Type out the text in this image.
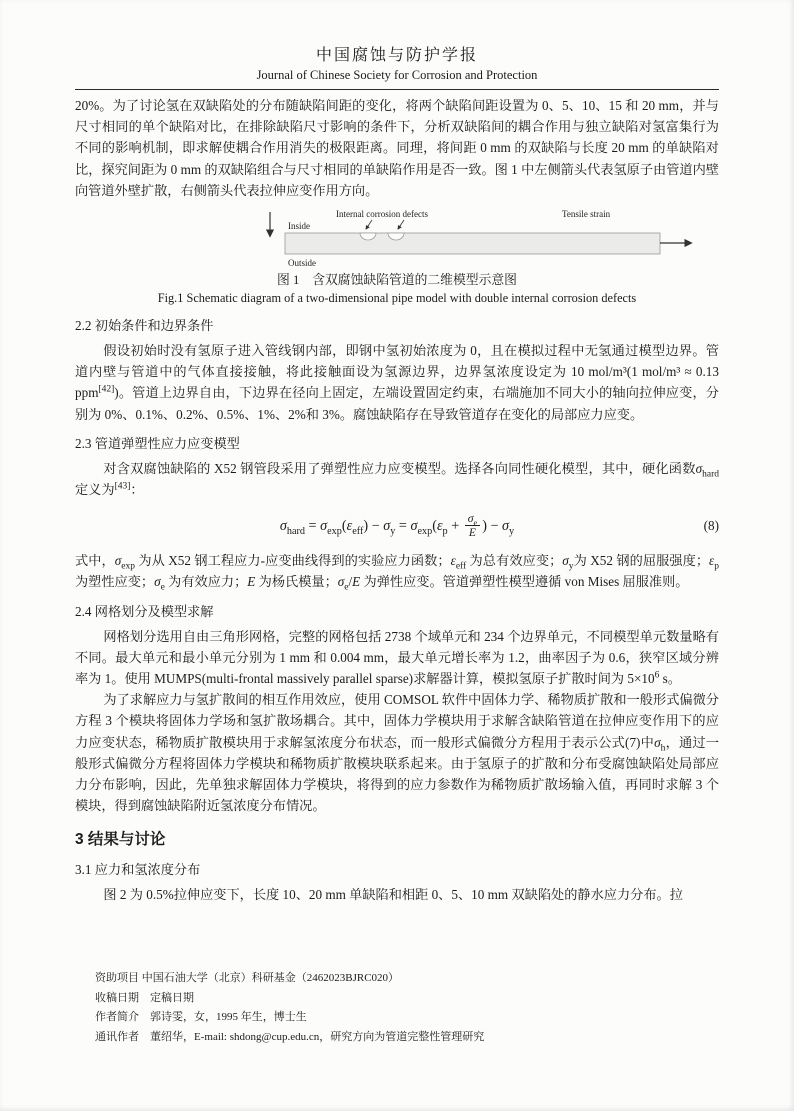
中国腐蚀与防护学报
Journal of Chinese Society for Corrosion and Protection

20%。为了讨论氢在双缺陷处的分布随缺陷间距的变化，将两个缺陷间距设置为 0、5、10、15 和 20 mm，并与尺寸相同的单个缺陷对比，在排除缺陷尺寸影响的条件下，分析双缺陷间的耦合作用与独立缺陷对氢富集行为不同的影响机制，即求解使耦合作用消失的极限距离。同理，将间距 0 mm 的双缺陷与长度 20 mm 的单缺陷对比，探究间距为 0 mm 的双缺陷组合与尺寸相同的单缺陷作用是否一致。图 1 中左侧箭头代表氢原子由管道内壁向管道外壁扩散，右侧箭头代表拉伸应变作用方向。

Inside
Internal corrosion defects	Tensile strain
Outside
图 1　含双腐蚀缺陷管道的二维模型示意图
Fig.1 Schematic diagram of a two-dimensional pipe model with double internal corrosion defects
2.2 初始条件和边界条件

假设初始时没有氢原子进入管线钢内部，即钢中氢初始浓度为 0，且在模拟过程中无氢通过模型边界。管道内壁与管道中的气体直接接触，将此接触面设为氢源边界，边界氢浓度设定为 10 mol/m³(1 mol/m³ ≈ 0.13 ppm[42])。管道上边界自由，下边界在径向上固定，左端设置固定约束，右端施加不同大小的轴向拉伸应变，分别为 0%、0.1%、0.2%、0.5%、1%、2%和 3%。腐蚀缺陷存在导致管道存在变化的局部应力应变。

2.3 管道弹塑性应力应变模型

对含双腐蚀缺陷的 X52 钢管段采用了弹塑性应力应变模型。选择各向同性硬化模型，其中，硬化函数$\sigma_{hard}$ 定义为[43]：

$\sigma_{hard} = \sigma_{exp}(\varepsilon_{eff}) - \sigma_y = \sigma_{exp}(\varepsilon_p + \frac{\sigma_e}{E}$ ) − $\sigma_y$	(8)

式中，$\sigma_{exp}$ 为从 X52 钢工程应力-应变曲线得到的实验应力函数；$\varepsilon_{eff}$ 为总有效应变；$\sigma_y$为 X52 钢的屈服强度；$\varepsilon_p$ 为塑性应变；$\sigma_e$ 为有效应力；E 为杨氏模量；$\sigma_e/E$ 为弹性应变。管道弹塑性模型遵循 von Mises 屈服准则。

2.4 网格划分及模型求解

网格划分选用自由三角形网格，完整的网格包括 2738 个域单元和 234 个边界单元，不同模型单元数量略有不同。最大单元和最小单元分别为 1 mm 和 0.004 mm，最大单元增长率为 1.2，曲率因子为 0.6，狭窄区域分辨率为 1。使用 MUMPS(multi-frontal massively parallel sparse)求解器计算，模拟氢原子扩散时间为 $5\times 10^6$ s。

为了求解应力与氢扩散间的相互作用效应，使用 COMSOL 软件中固体力学、稀物质扩散和一般形式偏微分方程 3 个模块将固体力学场和氢扩散场耦合。其中，固体力学模块用于求解含缺陷管道在拉伸应变作用下的应力应变状态，稀物质扩散模块用于求解氢浓度分布状态，而一般形式偏微分方程用于表示公式(7)中$\sigma_h$，通过一般形式偏微分方程将固体力学模块和稀物质扩散模块联系起来。由于氢原子的扩散和分布受腐蚀缺陷处局部应力分布影响，因此，先单独求解固体力学模块，将得到的应力参数作为稀物质扩散场输入值，再同时求解 3 个模块，得到腐蚀缺陷附近氢浓度分布情况。

3 结果与讨论
3.1 应力和氢浓度分布

图 2 为 0.5%拉伸应变下，长度 10、20 mm 单缺陷和相距 0、5、10 mm 双缺陷处的静水应力分布。拉

资助项目 中国石油大学（北京）科研基金（2462023BJRC020）
收稿日期　定稿日期
作者简介　郭诗雯，女，1995 年生，博士生
通讯作者　董绍华，E-mail: shdong@cup.edu.cn，研究方向为管道完整性管理研究
